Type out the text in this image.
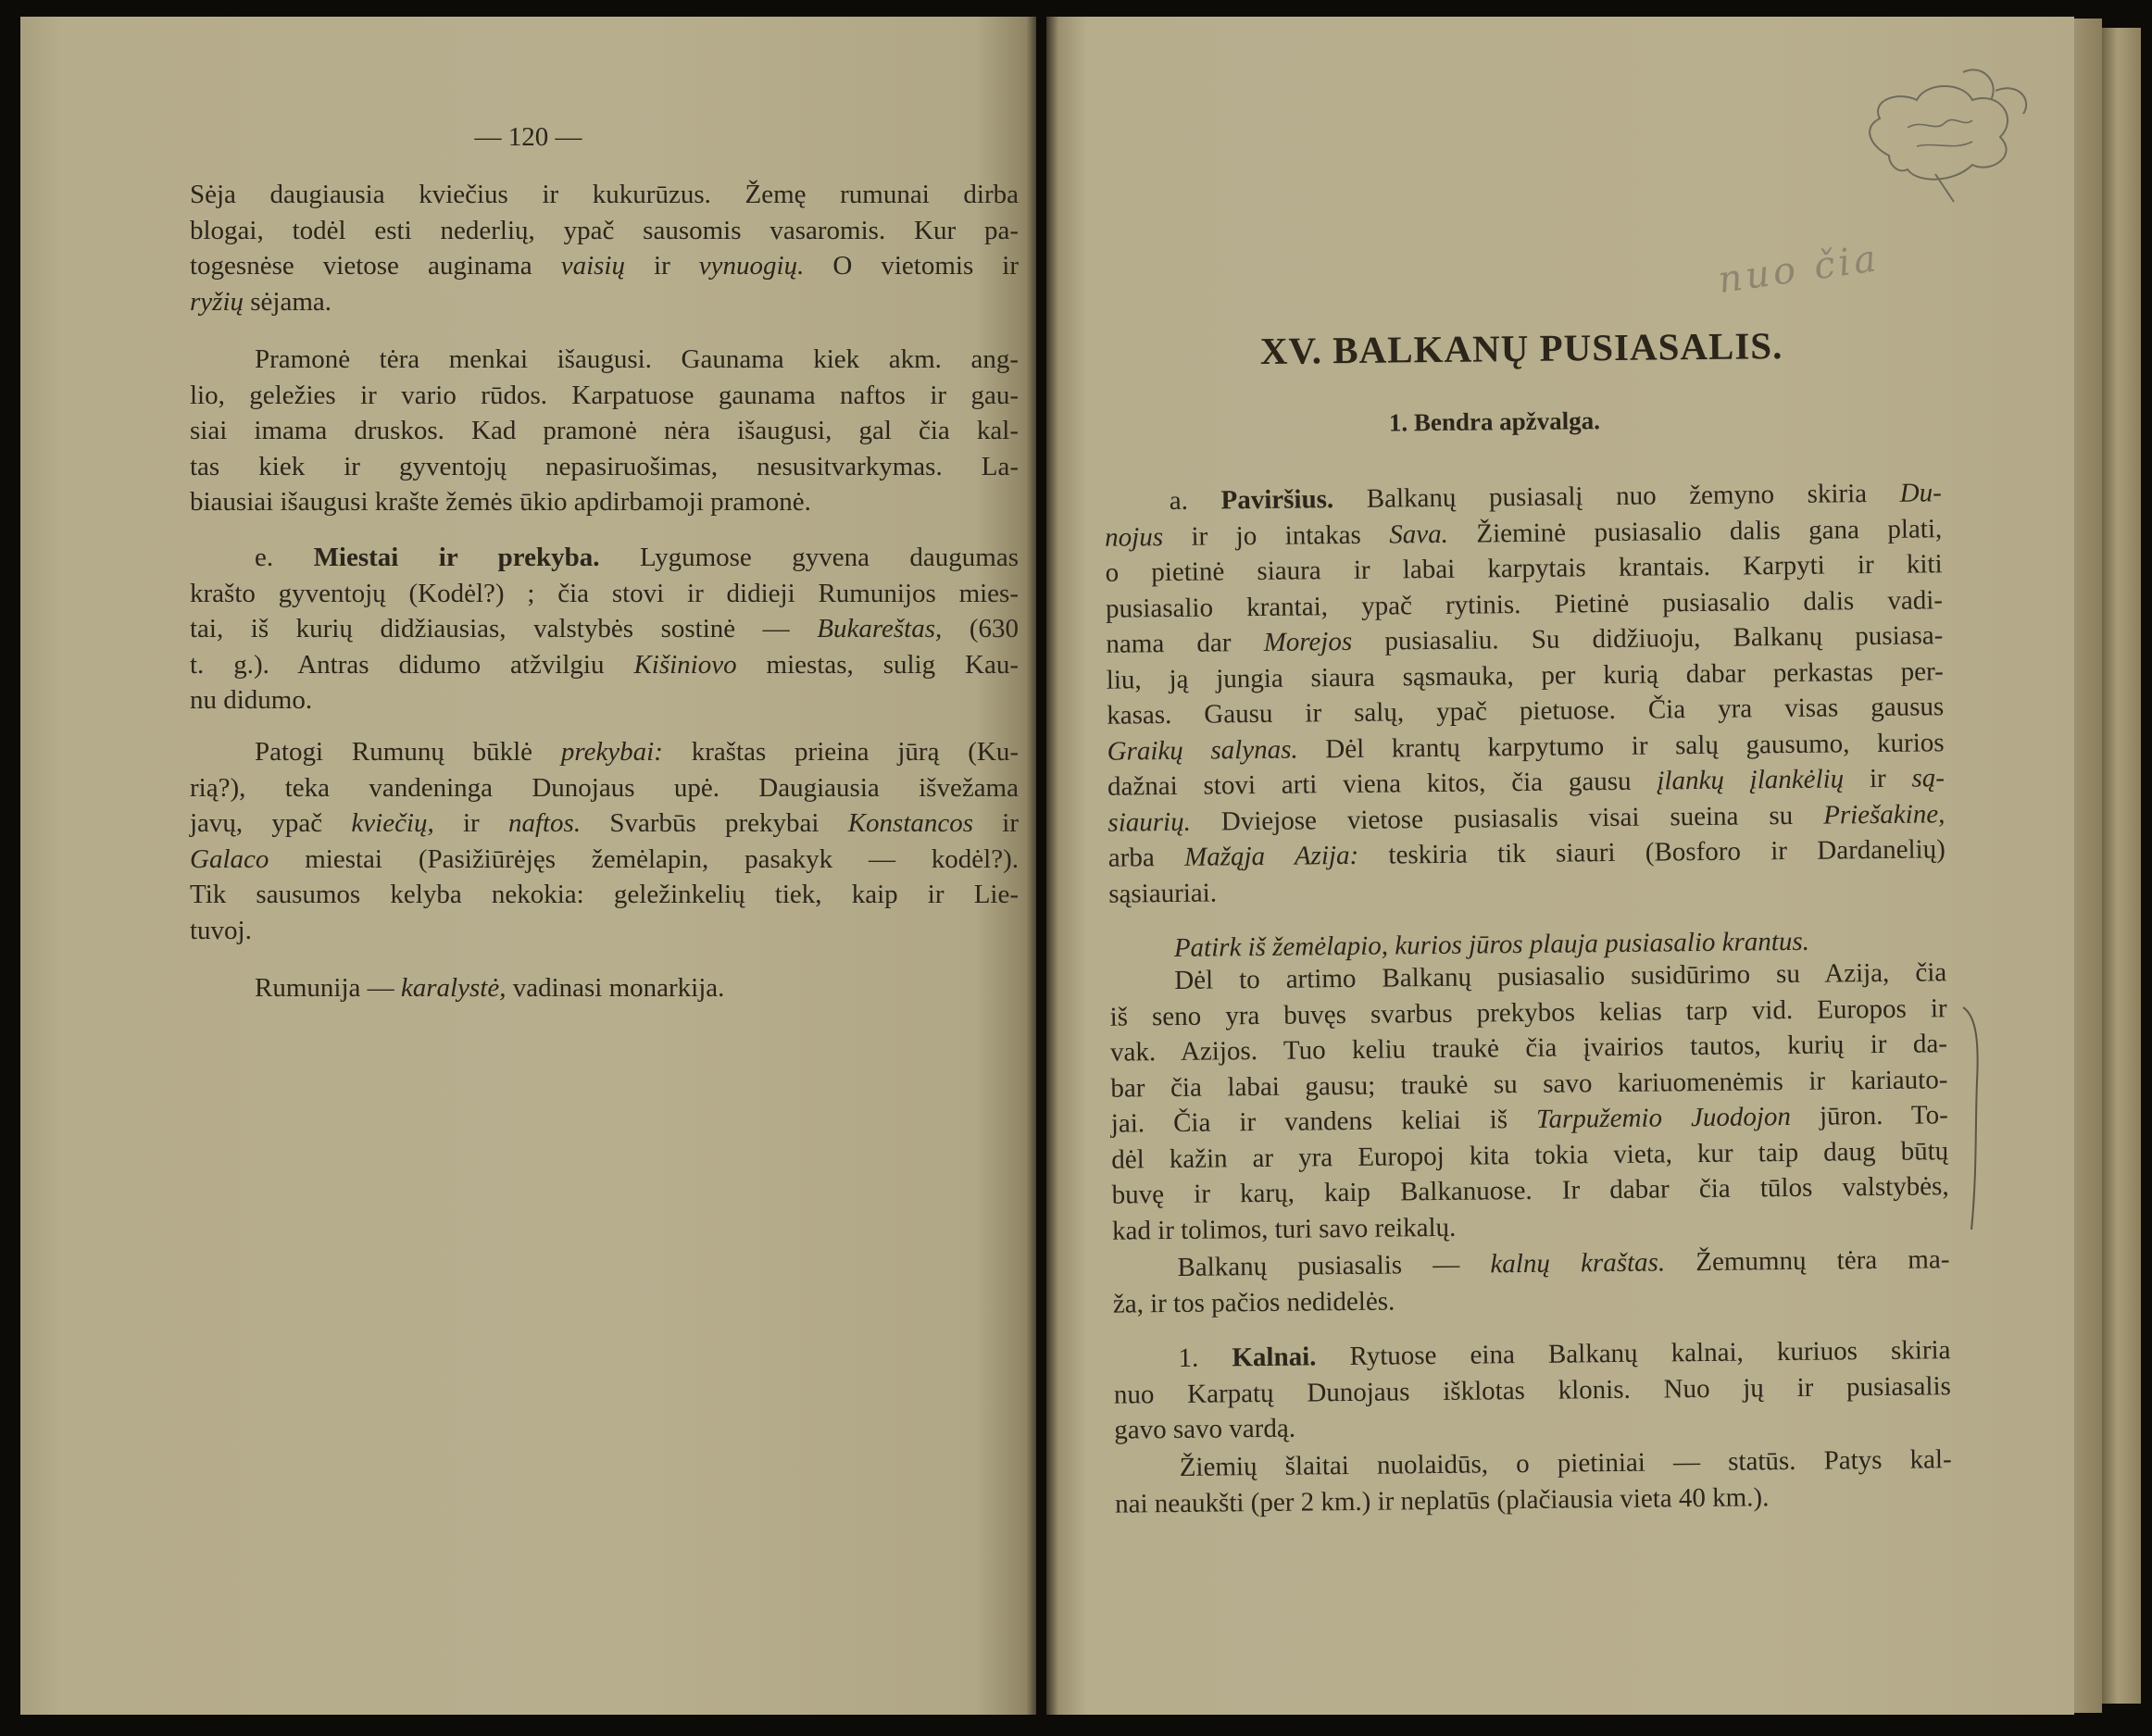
— 120 —
Sėja daugiausia kviečius ir kukurūzus. Žemę rumunai dirba
blogai, todėl esti nederlių, ypač sausomis vasaromis. Kur pa-
togesnėse vietose auginama vaisių ir vynuogių. O vietomis ir
ryžių sėjama.
Pramonė tėra menkai išaugusi. Gaunama kiek akm. ang-
lio, geležies ir vario rūdos. Karpatuose gaunama naftos ir gau-
siai imama druskos. Kad pramonė nėra išaugusi, gal čia kal-
tas kiek ir gyventojų nepasiruošimas, nesusitvarkymas. La-
biausiai išaugusi krašte žemės ūkio apdirbamoji pramonė.
e. Miestai ir prekyba. Lygumose gyvena daugumas
krašto gyventojų (Kodėl?) ; čia stovi ir didieji Rumunijos mies-
tai, iš kurių didžiausias, valstybės sostinė — Bukareštas, (630
t. g.). Antras didumo atžvilgiu Kišiniovo miestas, sulig Kau-
nu didumo.
Patogi Rumunų būklė prekybai: kraštas prieina jūrą (Ku-
rią?), teka vandeninga Dunojaus upė. Daugiausia išvežama
javų, ypač kviečių, ir naftos. Svarbūs prekybai Konstancos ir
Galaco miestai (Pasižiūrėjęs žemėlapin, pasakyk — kodėl?).
Tik sausumos kelyba nekokia: geležinkelių tiek, kaip ir Lie-
tuvoj.
Rumunija — karalystė, vadinasi monarkija.
nuo čia
XV. BALKANŲ PUSIASALIS.
1. Bendra apžvalga.
a. Paviršius. Balkanų pusiasalį nuo žemyno skiria Du-
nojus ir jo intakas Sava. Žieminė pusiasalio dalis gana plati,
o pietinė siaura ir labai karpytais krantais. Karpyti ir kiti
pusiasalio krantai, ypač rytinis. Pietinė pusiasalio dalis vadi-
nama dar Morejos pusiasaliu. Su didžiuoju, Balkanų pusiasa-
liu, ją jungia siaura sąsmauka, per kurią dabar perkastas per-
kasas. Gausu ir salų, ypač pietuose. Čia yra visas gausus
Graikų salynas. Dėl krantų karpytumo ir salų gausumo, kurios
dažnai stovi arti viena kitos, čia gausu įlankų įlankėlių ir są-
siaurių. Dviejose vietose pusiasalis visai sueina su Priešakine,
arba Mažąja Azija: teskiria tik siauri (Bosforo ir Dardanelių)
sąsiauriai.
Patirk iš žemėlapio, kurios jūros plauja pusiasalio krantus.
Dėl to artimo Balkanų pusiasalio susidūrimo su Azija, čia
iš seno yra buvęs svarbus prekybos kelias tarp vid. Europos ir
vak. Azijos. Tuo keliu traukė čia įvairios tautos, kurių ir da-
bar čia labai gausu; traukė su savo kariuomenėmis ir kariauto-
jai. Čia ir vandens keliai iš Tarpužemio Juodojon jūron. To-
dėl kažin ar yra Europoj kita tokia vieta, kur taip daug būtų
buvę ir karų, kaip Balkanuose. Ir dabar čia tūlos valstybės,
kad ir tolimos, turi savo reikalų.
Balkanų pusiasalis — kalnų kraštas. Žemumnų tėra ma-
ža, ir tos pačios nedidelės.
1. Kalnai. Rytuose eina Balkanų kalnai, kuriuos skiria
nuo Karpatų Dunojaus išklotas klonis. Nuo jų ir pusiasalis
gavo savo vardą.
Žiemių šlaitai nuolaidūs, o pietiniai — statūs. Patys kal-
nai neaukšti (per 2 km.) ir neplatūs (plačiausia vieta 40 km.).
